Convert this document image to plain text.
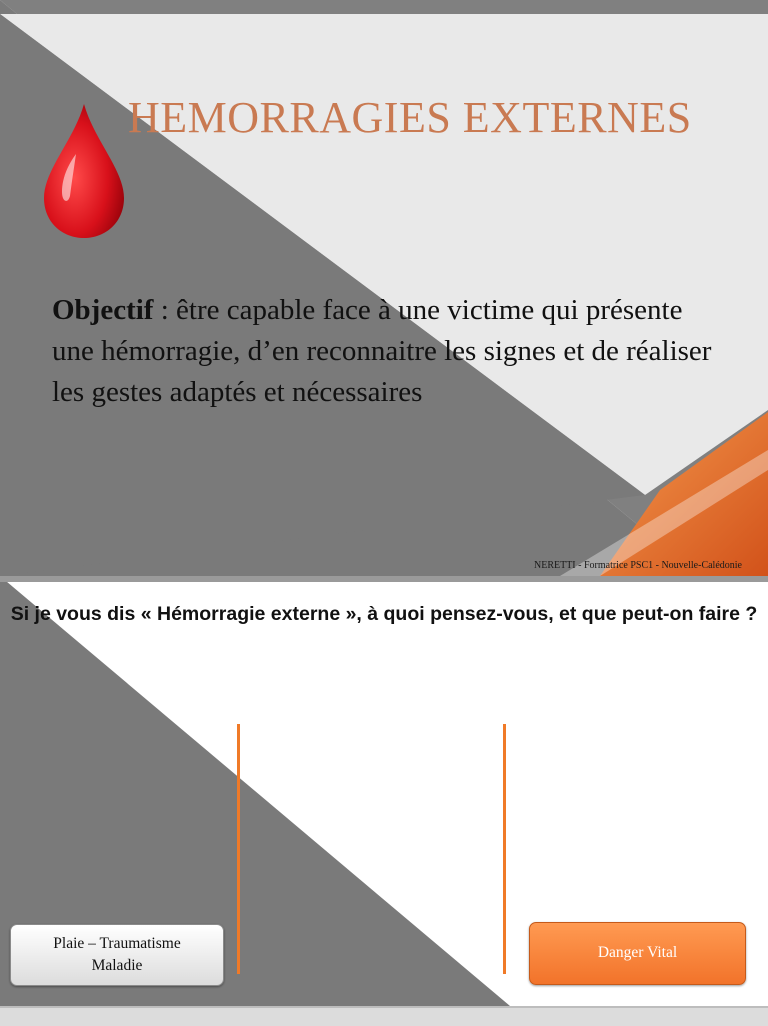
HEMORRAGIES EXTERNES

Objectif : être capable face à une victime qui présente une hémorragie, d’en reconnaitre les signes et de réaliser les gestes adaptés et nécessaires

NERETTI - Formatrice PSC1 - Nouvelle-Calédonie

Si je vous dis « Hémorragie externe », à quoi pensez-vous, et que peut-on faire ?

Plaie – Traumatisme
Maladie
Danger Vital
